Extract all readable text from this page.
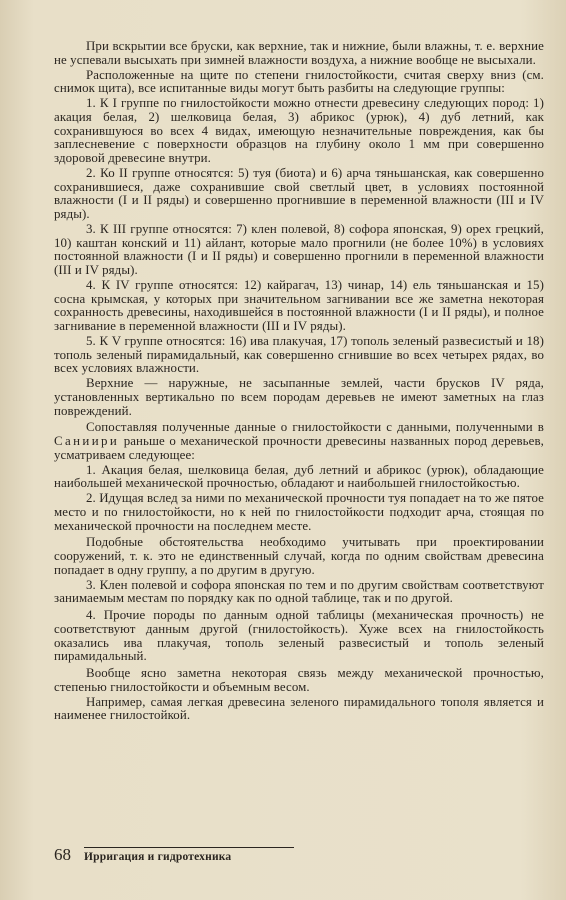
При вскрытии все бруски, как верхние, так и нижние, были влажны, т. е. верхние не успевали высыхать при зимней влажности воздуха, а нижние вообще не высыхали.

Расположенные на щите по степени гнилостойкости, считая сверху вниз (см. снимок щита), все испитанные виды могут быть разбиты на следующие группы:

1. К I группе по гнилостойкости можно отнести древесину следующих пород: 1) акация белая, 2) шелковица белая, 3) абрикос (урюк), 4) дуб летний, как сохранившуюся во всех 4 видах, имеющую незначительные повреждения, как бы заплесневение с поверхности образцов на глубину около 1 мм при совершенно здоровой древесине внутри.

2. Ко II группе относятся: 5) туя (биота) и 6) арча тяньшанская, как совершенно сохранившиеся, даже сохранившие свой светлый цвет, в условиях постоянной влажности (I и II ряды) и совершенно прогнившие в переменной влажности (III и IV ряды).

3. К III группе относятся: 7) клен полевой, 8) софора японская, 9) орех грецкий, 10) каштан конский и 11) айлант, которые мало прогнили (не более 10%) в условиях постоянной влажности (I и II ряды) и совершенно прогнили в переменной влажности (III и IV ряды).

4. К IV группе относятся: 12) кайрагач, 13) чинар, 14) ель тяньшанская и 15) сосна крымская, у которых при значительном загнивании все же заметна некоторая сохранность древесины, находившейся в постоянной влажности (I и II ряды), и полное загнивание в переменной влажности (III и IV ряды).

5. К V группе относятся: 16) ива плакучая, 17) тополь зеленый развесистый и 18) тополь зеленый пирамидальный, как совершенно сгнившие во всех четырех рядах, во всех условиях влажности.

Верхние — наружные, не засыпанные землей, части брусков IV ряда, установленных вертикально по всем породам деревьев не имеют заметных на глаз повреждений.

Сопоставляя полученные данные о гнилостойкости с данными, полученными в Саниири раньше о механической прочности древесины названных пород деревьев, усматриваем следующее:

1. Акация белая, шелковица белая, дуб летний и абрикос (урюк), обладающие наибольшей механической прочностью, обладают и наибольшей гнилостойкостью.

2. Идущая вслед за ними по механической прочности туя попадает на то же пятое место и по гнилостойкости, но к ней по гнилостойкости подходит арча, стоящая по механической прочности на последнем месте.

Подобные обстоятельства необходимо учитывать при проектировании сооружений, т. к. это не единственный случай, когда по одним свойствам древесина попадает в одну группу, а по другим в другую.

3. Клен полевой и софора японская по тем и по другим свойствам соответствуют занимаемым местам по порядку как по одной таблице, так и по другой.

4. Прочие породы по данным одной таблицы (механическая прочность) не соответствуют данным другой (гнилостойкость). Хуже всех на гнилостойкость оказались ива плакучая, тополь зеленый развесистый и тополь зеленый пирамидальный.

Вообще ясно заметна некоторая связь между механической прочностью, степенью гнилостойкости и объемным весом.

Например, самая легкая древесина зеленого пирамидального тополя является и наименее гнилостойкой.

68 Ирригация и гидротехника
